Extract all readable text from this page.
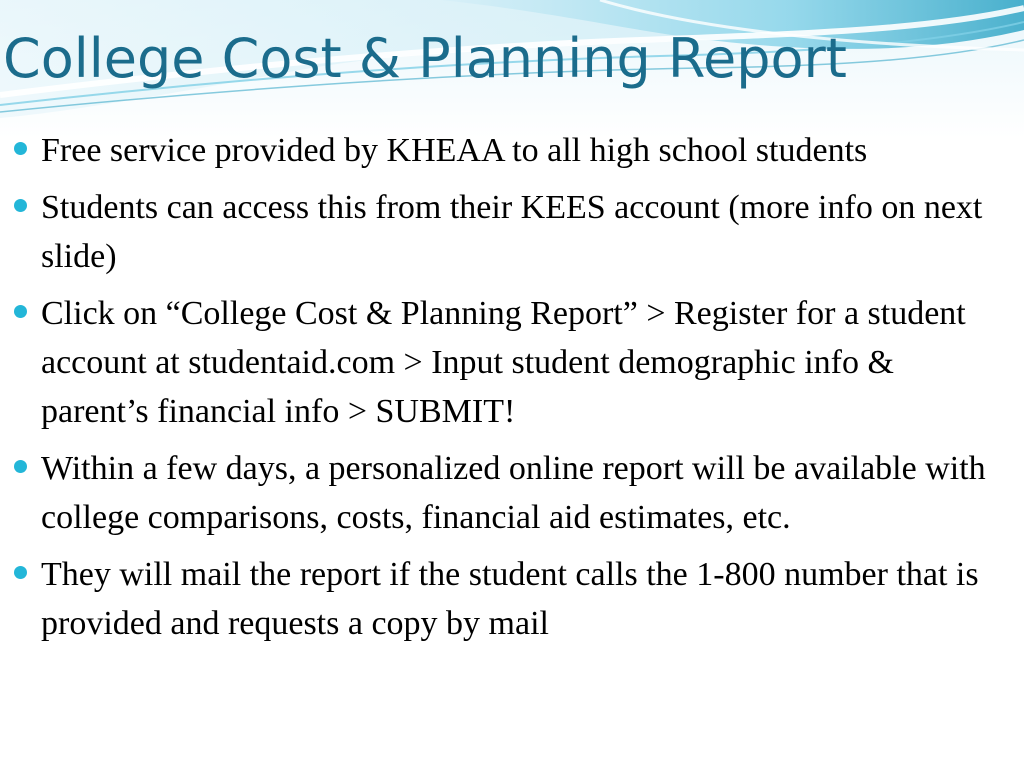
College Cost & Planning Report
Free service provided by KHEAA to all high school students
Students can access this from their KEES account (more info on next slide)
Click on “College Cost & Planning Report” > Register for a student account at studentaid.com > Input student demographic info & parent’s financial info > SUBMIT!
Within a few days, a personalized online report will be available with college comparisons, costs, financial aid estimates, etc.
They will mail the report if the student calls the 1-800 number that is provided and requests a copy by mail
